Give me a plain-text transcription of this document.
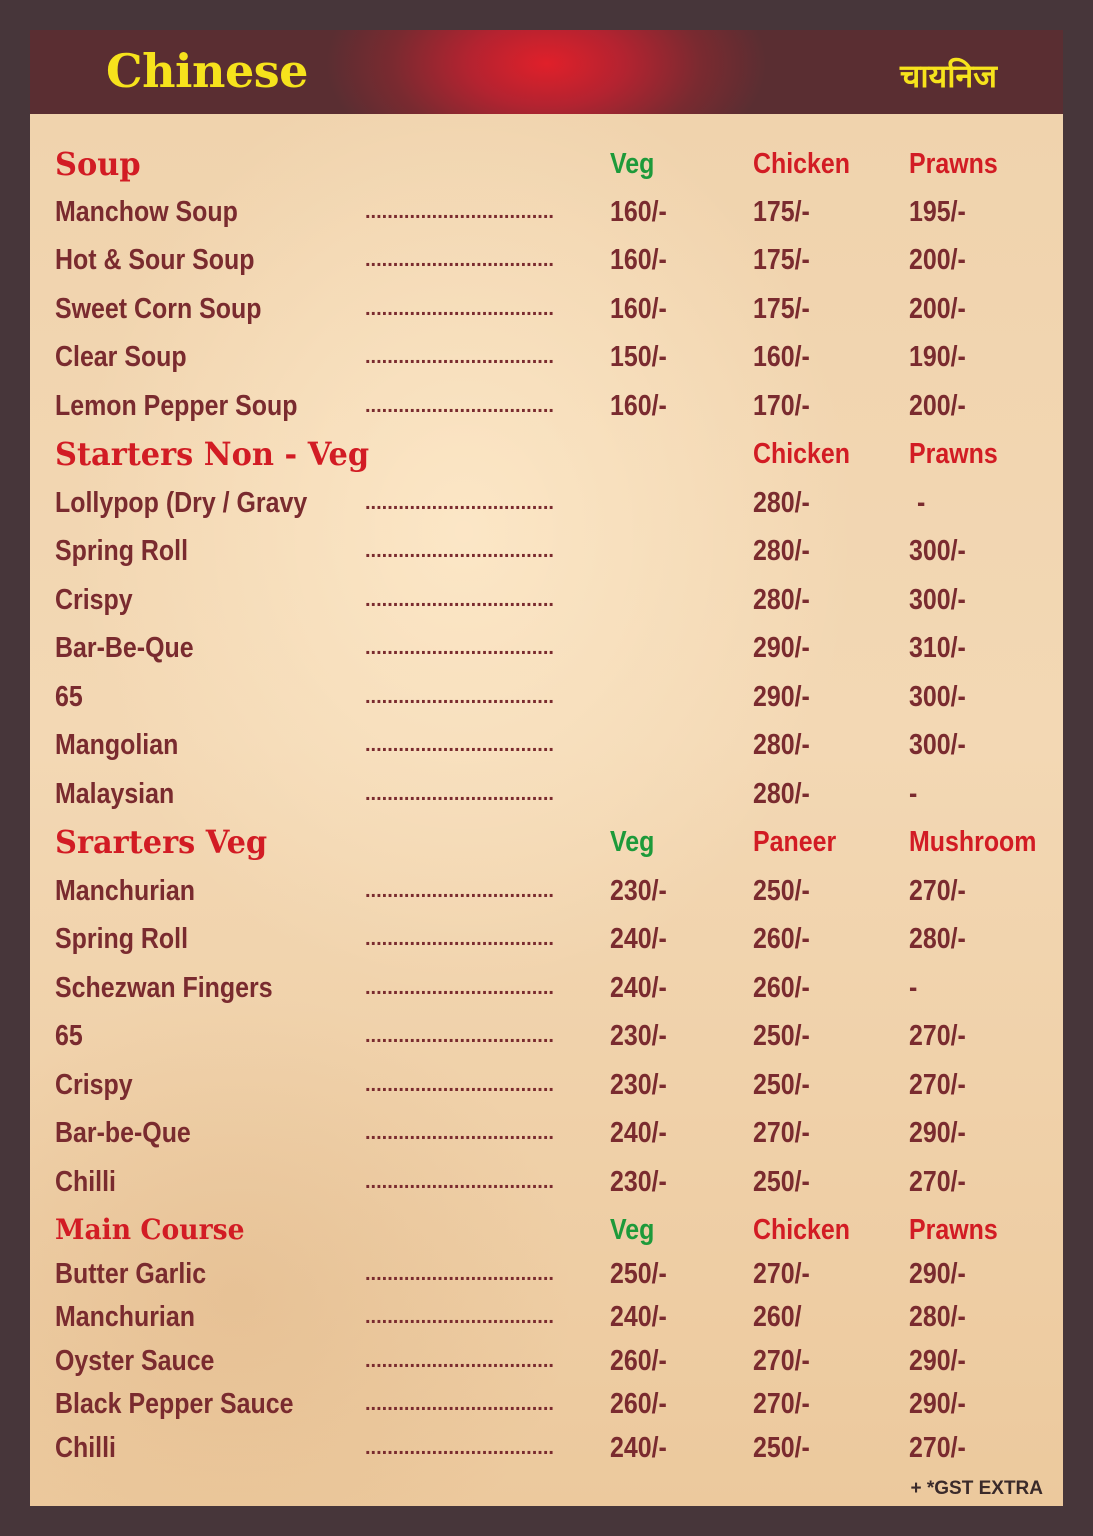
Chinese	चायनिज
Soup	Veg	Chicken Prawns
Manchow Soup	.................................. 160/-	175/-	195/-
Hot & Sour Soup	.................................. 160/-	175/-	200/-
Sweet Corn Soup	.................................. 160/-	175/-	200/-
Clear Soup	.................................. 150/-	160/-	190/-
Lemon Pepper Soup	.................................. 160/-	170/-	200/-
Starters Non - Veg	Chicken Prawns
Lollypop (Dry / Gravy	..................................	280/-	-
Spring Roll	..................................	280/-	300/-
Crispy	..................................	280/-	300/-
Bar-Be-Que	..................................	290/-	310/-
65	..................................	290/-	300/-
Mangolian	..................................	280/-	300/-
Malaysian	..................................	280/-	-
Srarters Veg	Veg	Paneer	Mushroom
Manchurian	.................................. 230/-	250/-	270/-
Spring Roll	.................................. 240/-	260/-	280/-
Schezwan Fingers	.................................. 240/-	260/-	-
65	.................................. 230/-	250/-	270/-
Crispy	.................................. 230/-	250/-	270/-
Bar-be-Que	.................................. 240/-	270/-	290/-
Chilli	.................................. 230/-	250/-	270/-
Main Course	Veg	Chicken Prawns
Butter Garlic	.................................. 250/-	270/-	290/-
Manchurian	.................................. 240/-	260/	280/-
Oyster Sauce	.................................. 260/-	270/-	290/-
Black Pepper Sauce	.................................. 260/-	270/-	290/-
Chilli	.................................. 240/-	250/-	270/-
+ *GST EXTRA
